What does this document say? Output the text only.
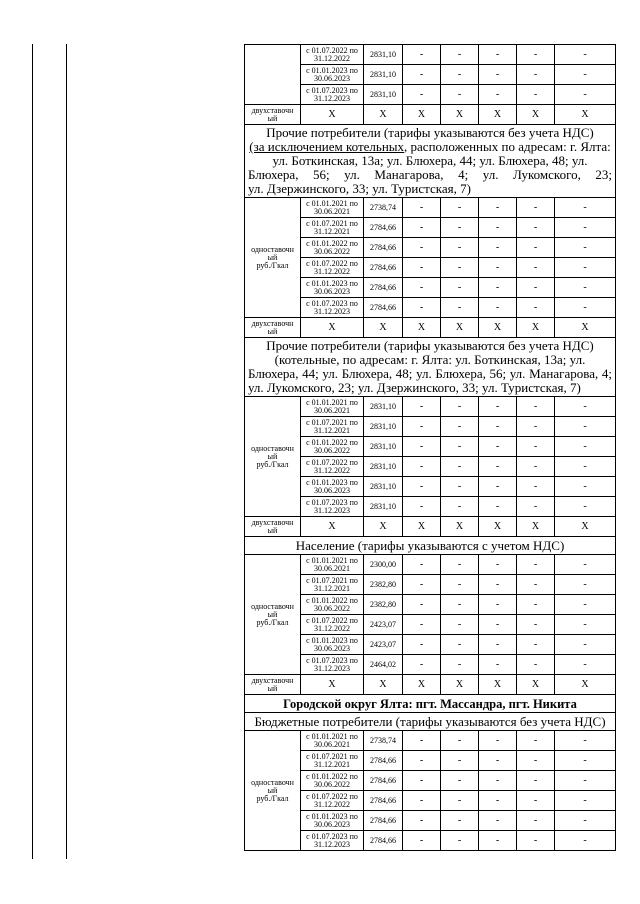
	с 01.07.2022 по 31.12.2022	2831,10	-	-	-	-	-
	с 01.01.2023 по 30.06.2023	2831,10	-	-	-	-	-
	с 01.07.2023 по 31.12.2023	2831,10	-	-	-	-	-

двухставочн
ый	X	X	X	X	X	X	X

Прочие потребители (тарифы указываются без учета НДС)
(за исключением котельных, расположенных по адресам: г. Ялта: ул. Боткинская, 13а; ул. Блюхера, 44; ул. Блюхера, 48; ул. Блюхера, 56; ул. Манагарова, 4; ул. Лукомского, 23;
ул. Дзержинского, 33; ул. Туристская, 7)							

одноставочн
ый
руб./Гкал	с 01.01.2021 по 30.06.2021	2738,74	-	-	-	-	-
	с 01.07.2021 по 31.12.2021	2784,66	-	-	-	-	-
	с 01.01.2022 по 30.06.2022	2784,66	-	-	-	-	-
	с 01.07.2022 по 31.12.2022	2784,66	-	-	-	-	-
	с 01.01.2023 по 30.06.2023	2784,66	-	-	-	-	-
	с 01.07.2023 по 31.12.2023	2784,66	-	-	-	-	-

двухставочн
ый	X	X	X	X	X	X	X

Прочие потребители (тарифы указываются без учета НДС)
(котельные, по адресам: г. Ялта: ул. Боткинская, 13а; ул. Блюхера, 44; ул. Блюхера, 48; ул. Блюхера, 56; ул. Манагарова, 4;
ул. Лукомского, 23; ул. Дзержинского, 33; ул. Туристская, 7)							

одноставочн
ый
руб./Гкал	с 01.01.2021 по 30.06.2021	2831,10	-	-	-	-	-
	с 01.07.2021 по 31.12.2021	2831,10	-	-	-	-	-
	с 01.01.2022 по 30.06.2022	2831,10	-	-	-	-	-
	с 01.07.2022 по 31.12.2022	2831,10	-	-	-	-	-
	с 01.01.2023 по 30.06.2023	2831,10	-	-	-	-	-
	с 01.07.2023 по 31.12.2023	2831,10	-	-	-	-	-

двухставочн
ый	X	X	X	X	X	X	X
Население (тарифы указываются с учетом НДС)							

одноставочн
ый
руб./Гкал	с 01.01.2021 по 30.06.2021	2300,00	-	-	-	-	-
	с 01.07.2021 по 31.12.2021	2382,80	-	-	-	-	-
	с 01.01.2022 по 30.06.2022	2382,80	-	-	-	-	-
	с 01.07.2022 по 31.12.2022	2423,07	-	-	-	-	-
	с 01.01.2023 по 30.06.2023	2423,07	-	-	-	-	-
	с 01.07.2023 по 31.12.2023	2464,02	-	-	-	-	-

двухставочн
ый	X	X	X	X	X	X	X
Городской округ Ялта: пгт. Массандра, пгт. Никита							
Бюджетные потребители (тарифы указываются без учета НДС)							

одноставочн
ый
руб./Гкал	с 01.01.2021 по 30.06.2021	2738,74	-	-	-	-	-
	с 01.07.2021 по 31.12.2021	2784,66	-	-	-	-	-
	с 01.01.2022 по 30.06.2022	2784,66	-	-	-	-	-
	с 01.07.2022 по 31.12.2022	2784,66	-	-	-	-	-
	с 01.01.2023 по 30.06.2023	2784,66	-	-	-	-	-
	с 01.07.2023 по 31.12.2023	2784,66	-	-	-	-	-
